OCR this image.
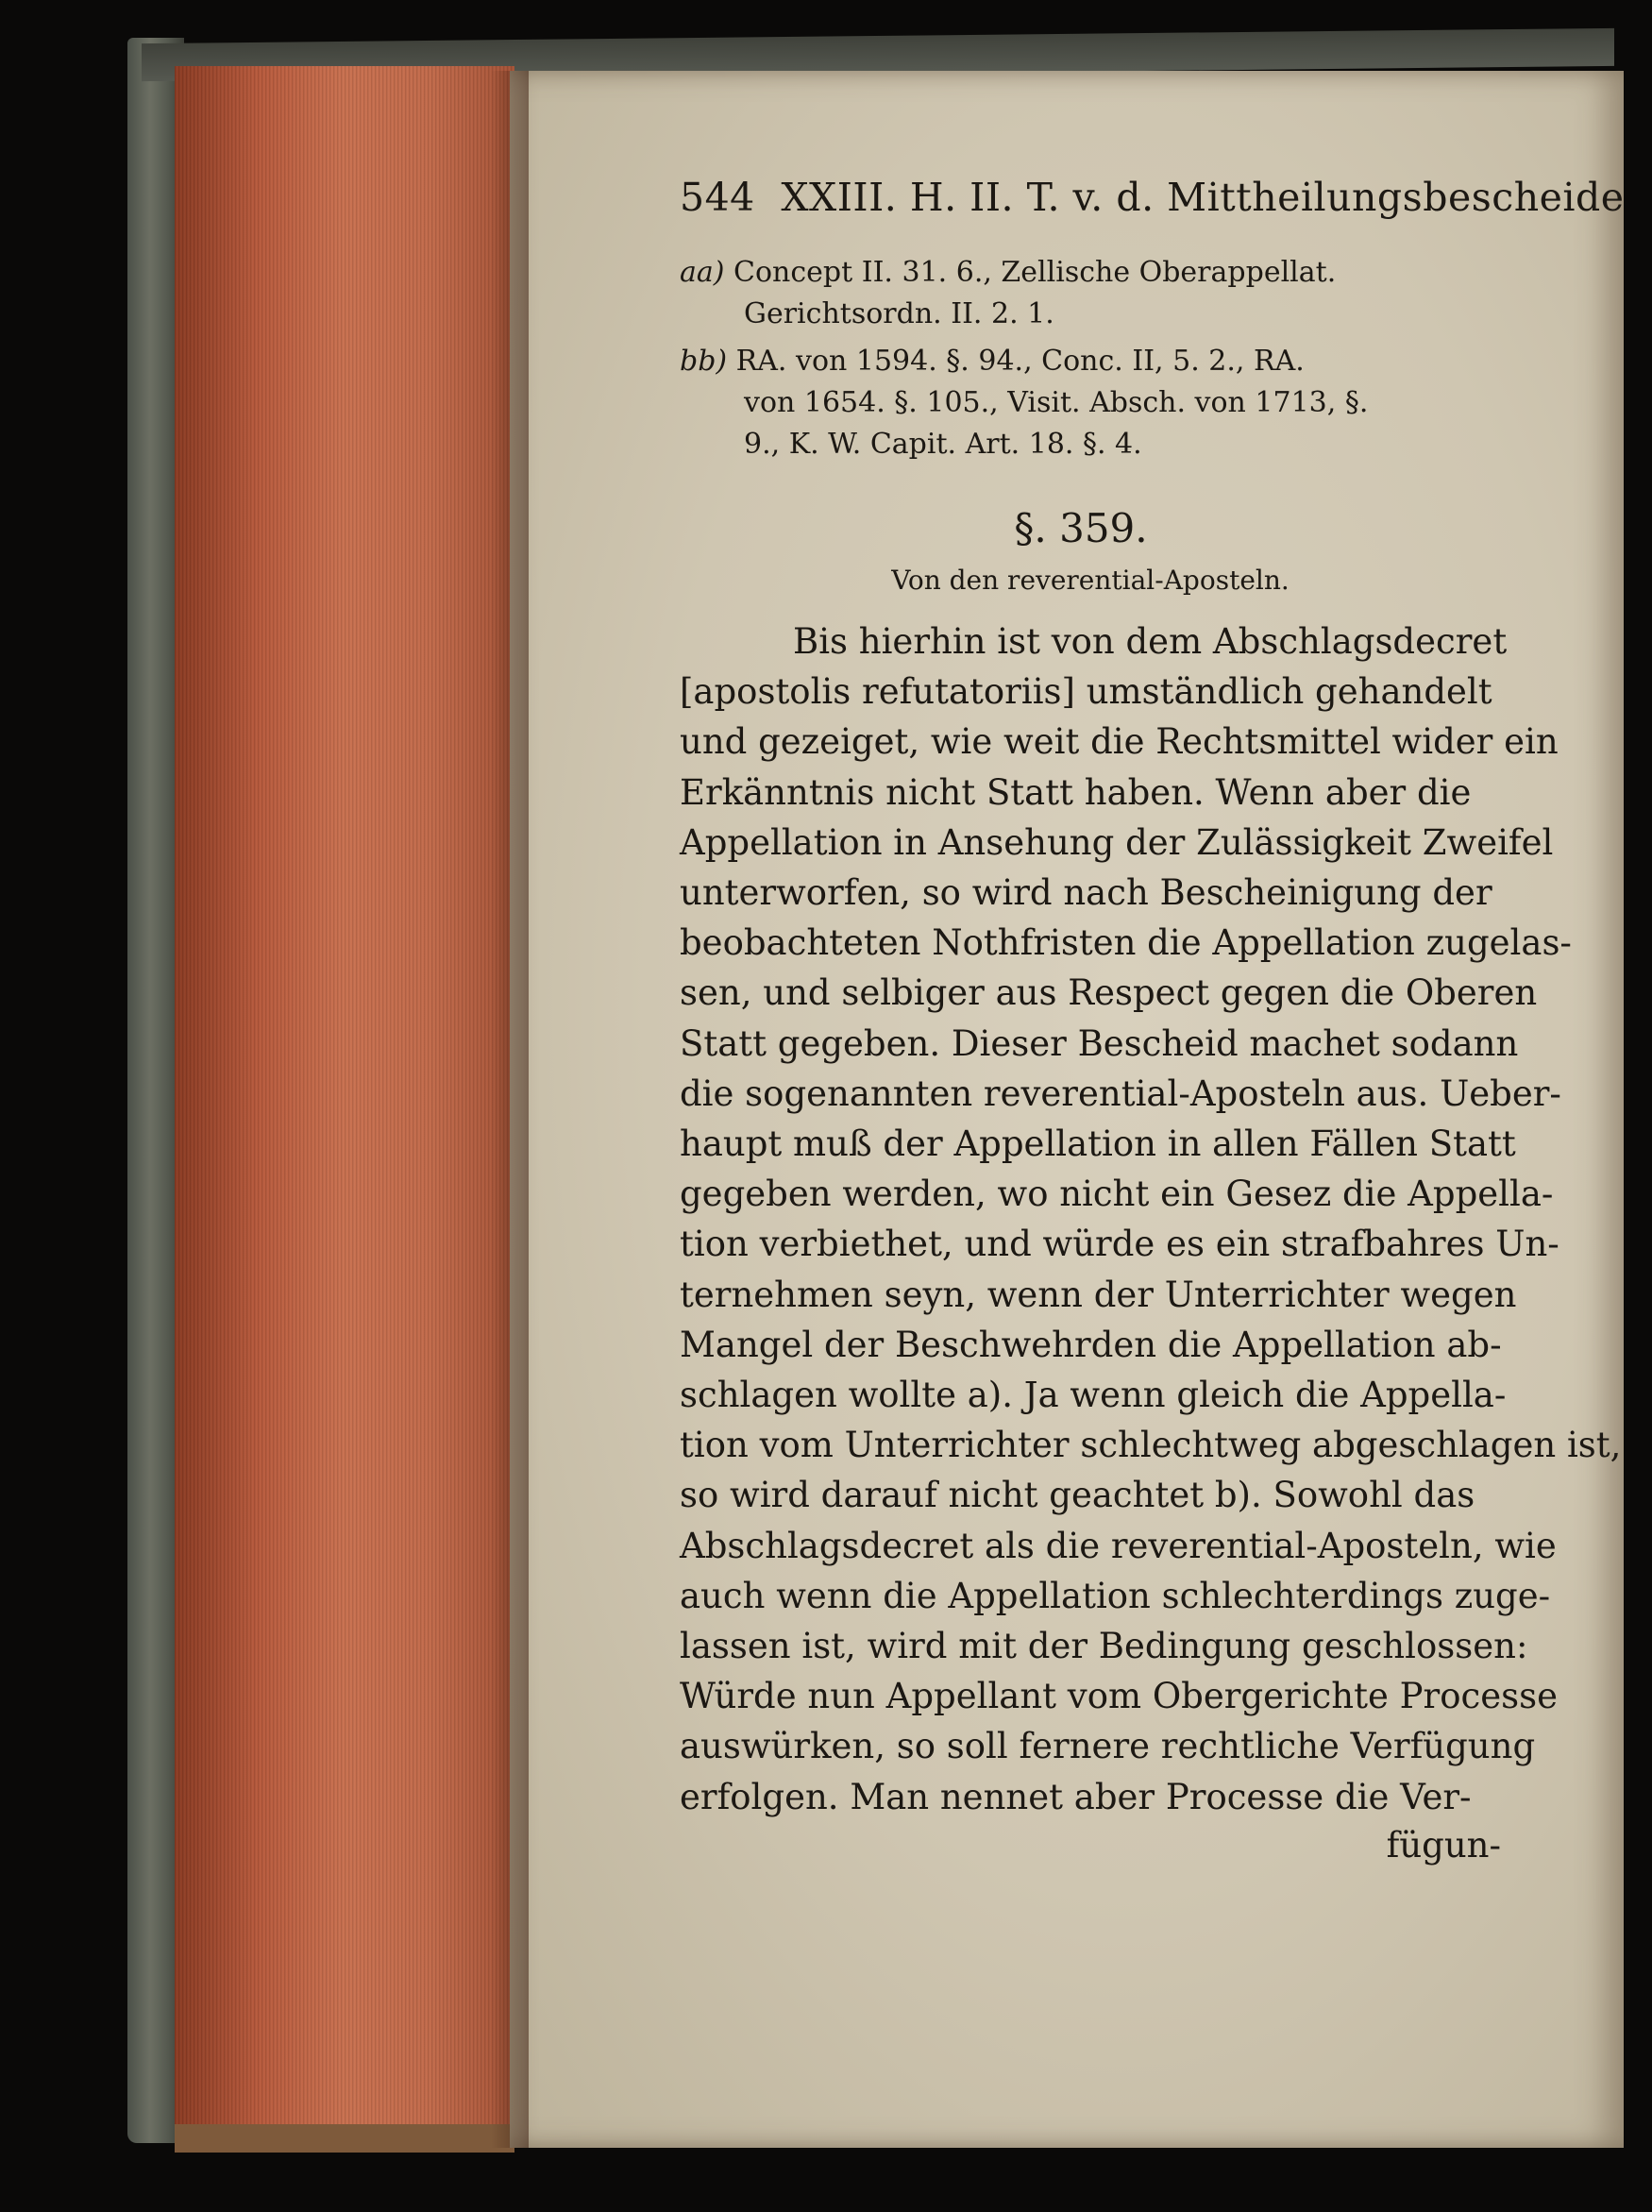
544 XXIII. H. II. T. v. d. Mittheilungsbescheide
aa) Concept II. 31. 6., Zellische Oberappellat.
Gerichtsordn. II. 2. 1.
bb) RA. von 1594. §. 94., Conc. II, 5. 2., RA.
von 1654. §. 105., Visit. Absch. von 1713, §.
9., K. W. Capit. Art. 18. §. 4.
§. 359.
Von den reverential-Aposteln.
Bis hierhin ist von dem Abschlagsdecret
[apostolis refutatoriis] umständlich gehandelt
und gezeiget, wie weit die Rechtsmittel wider ein
Erkänntnis nicht Statt haben. Wenn aber die
Appellation in Ansehung der Zulässigkeit Zweifel
unterworfen, so wird nach Bescheinigung der
beobachteten Nothfristen die Appellation zugelas-
sen, und selbiger aus Respect gegen die Oberen
Statt gegeben. Dieser Bescheid machet sodann
die sogenannten reverential-Aposteln aus. Ueber-
haupt muß der Appellation in allen Fällen Statt
gegeben werden, wo nicht ein Gesez die Appella-
tion verbiethet, und würde es ein strafbahres Un-
ternehmen seyn, wenn der Unterrichter wegen
Mangel der Beschwehrden die Appellation ab-
schlagen wollte a). Ja wenn gleich die Appella-
tion vom Unterrichter schlechtweg abgeschlagen ist,
so wird darauf nicht geachtet b). Sowohl das
Abschlagsdecret als die reverential-Aposteln, wie
auch wenn die Appellation schlechterdings zuge-
lassen ist, wird mit der Bedingung geschlossen:
Würde nun Appellant vom Obergerichte Processe
auswürken, so soll fernere rechtliche Verfügung
erfolgen. Man nennet aber Processe die Ver-
fügun-
